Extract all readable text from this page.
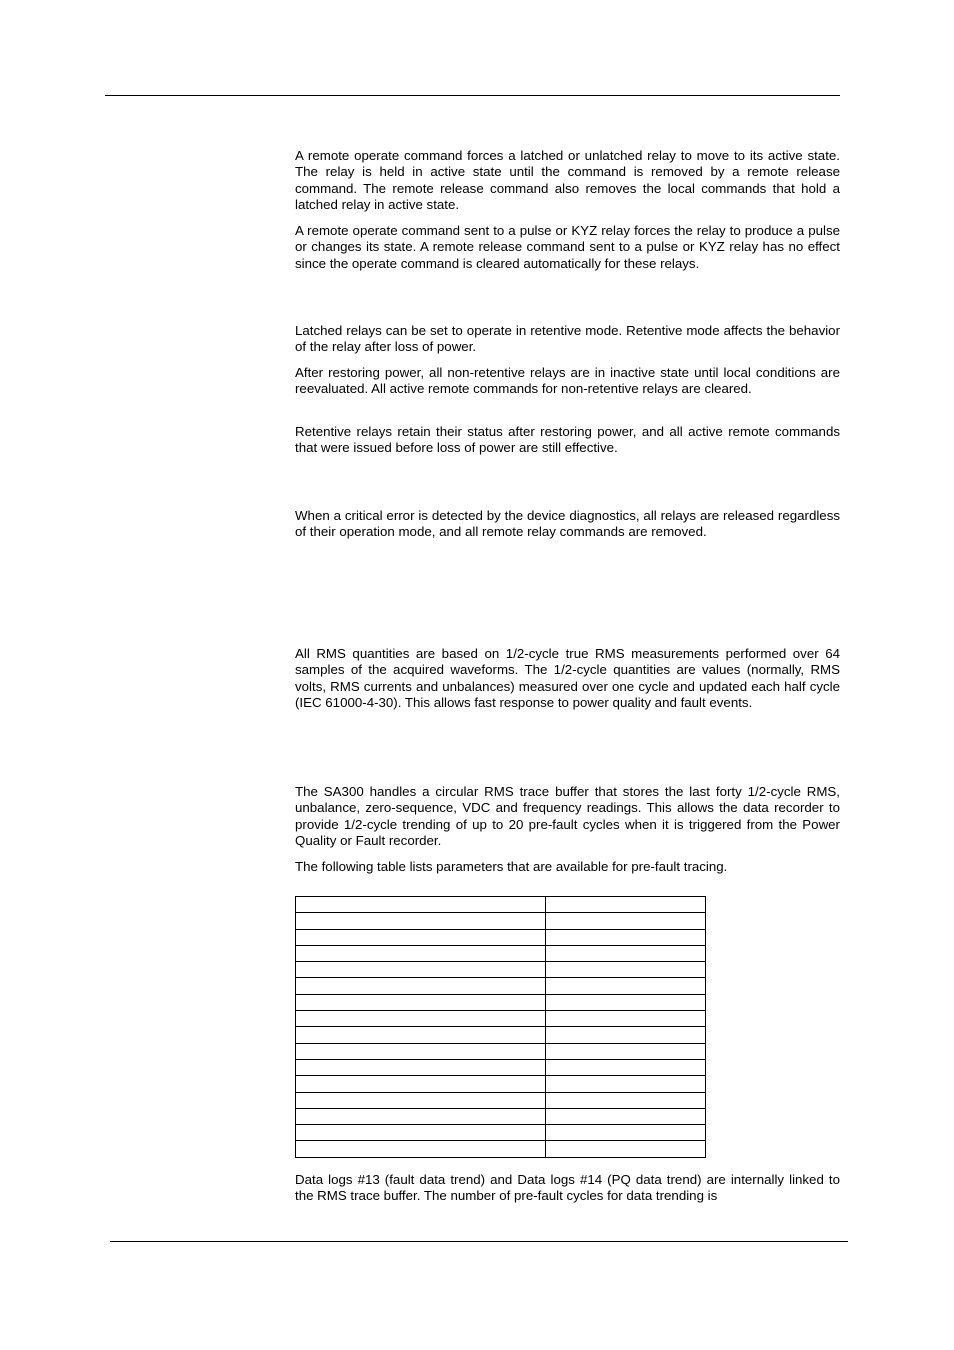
A remote operate command forces a latched or unlatched relay to move to its active state. The relay is held in active state until the command is removed by a remote release command. The remote release command also removes the local commands that hold a latched relay in active state.

A remote operate command sent to a pulse or KYZ relay forces the relay to produce a pulse or changes its state. A remote release command sent to a pulse or KYZ relay has no effect since the operate command is cleared automatically for these relays.

Latched relays can be set to operate in retentive mode. Retentive mode affects the behavior of the relay after loss of power.

After restoring power, all non-retentive relays are in inactive state until local conditions are reevaluated. All active remote commands for non-retentive relays are cleared.

Retentive relays retain their status after restoring power, and all active remote commands that were issued before loss of power are still effective.

When a critical error is detected by the device diagnostics, all relays are released regardless of their operation mode, and all remote relay commands are removed.

All RMS quantities are based on 1/2-cycle true RMS measurements performed over 64 samples of the acquired waveforms. The 1/2-cycle quantities are values (normally, RMS volts, RMS currents and unbalances) measured over one cycle and updated each half cycle (IEC 61000-4-30). This allows fast response to power quality and fault events.

The SA300 handles a circular RMS trace buffer that stores the last forty 1/2-cycle RMS, unbalance, zero-sequence, VDC and frequency readings. This allows the data recorder to provide 1/2-cycle trending of up to 20 pre-fault cycles when it is triggered from the Power Quality or Fault recorder.

The following table lists parameters that are available for pre-fault tracing.

Data logs #13 (fault data trend) and Data logs #14 (PQ data trend) are internally linked to the RMS trace buffer. The number of pre-fault cycles for data trending is
